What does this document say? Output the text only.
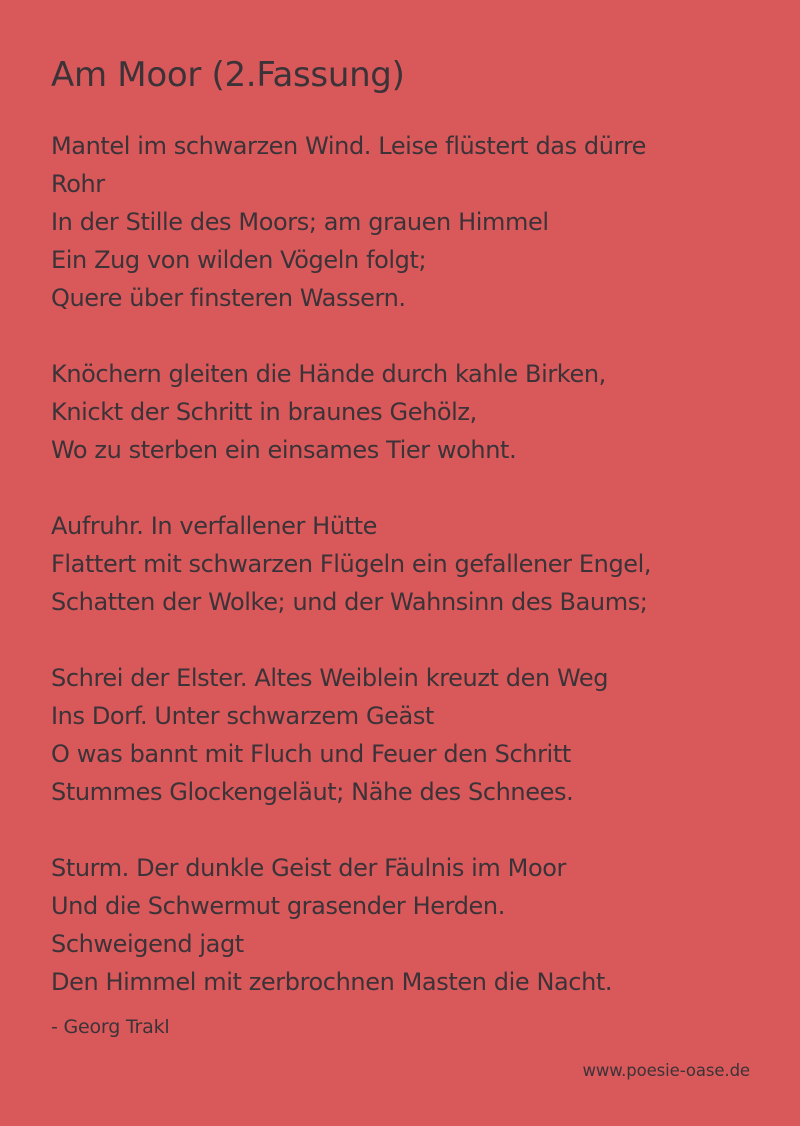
Am Moor (2.Fassung)
Mantel im schwarzen Wind. Leise flüstert das dürre
Rohr
In der Stille des Moors; am grauen Himmel
Ein Zug von wilden Vögeln folgt;
Quere über finsteren Wassern.
Knöchern gleiten die Hände durch kahle Birken,
Knickt der Schritt in braunes Gehölz,
Wo zu sterben ein einsames Tier wohnt.
Aufruhr. In verfallener Hütte
Flattert mit schwarzen Flügeln ein gefallener Engel,
Schatten der Wolke; und der Wahnsinn des Baums;
Schrei der Elster. Altes Weiblein kreuzt den Weg
Ins Dorf. Unter schwarzem Geäst
O was bannt mit Fluch und Feuer den Schritt
Stummes Glockengeläut; Nähe des Schnees.
Sturm. Der dunkle Geist der Fäulnis im Moor
Und die Schwermut grasender Herden.
Schweigend jagt
Den Himmel mit zerbrochnen Masten die Nacht.
- Georg Trakl
www.poesie-oase.de
